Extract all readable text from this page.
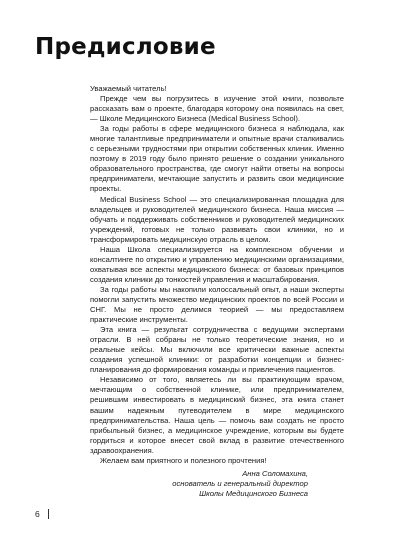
Предисловие

Уважаемый читатель!

Прежде чем вы погрузитесь в изучение этой книги, позвольте рассказать вам о проекте, благодаря которому она появилась на свет, — Школе Медицинского Бизнеса (Medical Business School).

За годы работы в сфере медицинского бизнеса я наблюдала, как многие талантливые предприниматели и опытные врачи сталкивались с серьезными трудностями при открытии собственных клиник. Именно поэтому в 2019 году было принято решение о создании уникального образовательного пространства, где смогут найти ответы на вопросы предприниматели, мечтающие запустить и развить свои медицинские проекты.

Medical Business School — это специализированная площадка для владельцев и руководителей медицинского бизнеса. Наша миссия — обучать и поддерживать собственников и руководителей медицинских учреждений, готовых не только развивать свои клиники, но и трансформировать медицинскую отрасль в целом.

Наша Школа специализируется на комплексном обучении и консалтинге по открытию и управлению медицинскими организациями, охватывая все аспекты медицинского бизнеса: от базовых принципов создания клиники до тонкостей управления и масштабирования.

За годы работы мы накопили колоссальный опыт, а наши эксперты помогли запустить множество медицинских проектов по всей России и СНГ. Мы не просто делимся теорией — мы предоставляем практические инструменты.

Эта книга — результат сотрудничества с ведущими экспертами отрасли. В ней собраны не только теоретические знания, но и реальные кейсы. Мы включили все критически важные аспекты создания успешной клиники: от разработки концепции и бизнес-планирования до формирования команды и привлечения пациентов.

Независимо от того, являетесь ли вы практикующим врачом, мечтающим о собственной клинике, или предпринимателем, решившим инвестировать в медицинский бизнес, эта книга станет вашим надежным путеводителем в мире медицинского предпринимательства. Наша цель — помочь вам создать не просто прибыльный бизнес, а медицинское учреждение, которым вы будете гордиться и которое внесет свой вклад в развитие отечественного здравоохранения.

Желаем вам приятного и полезного прочтения!

Анна Соломахина,
основатель и генеральный директор
Школы Медицинского Бизнеса
6
